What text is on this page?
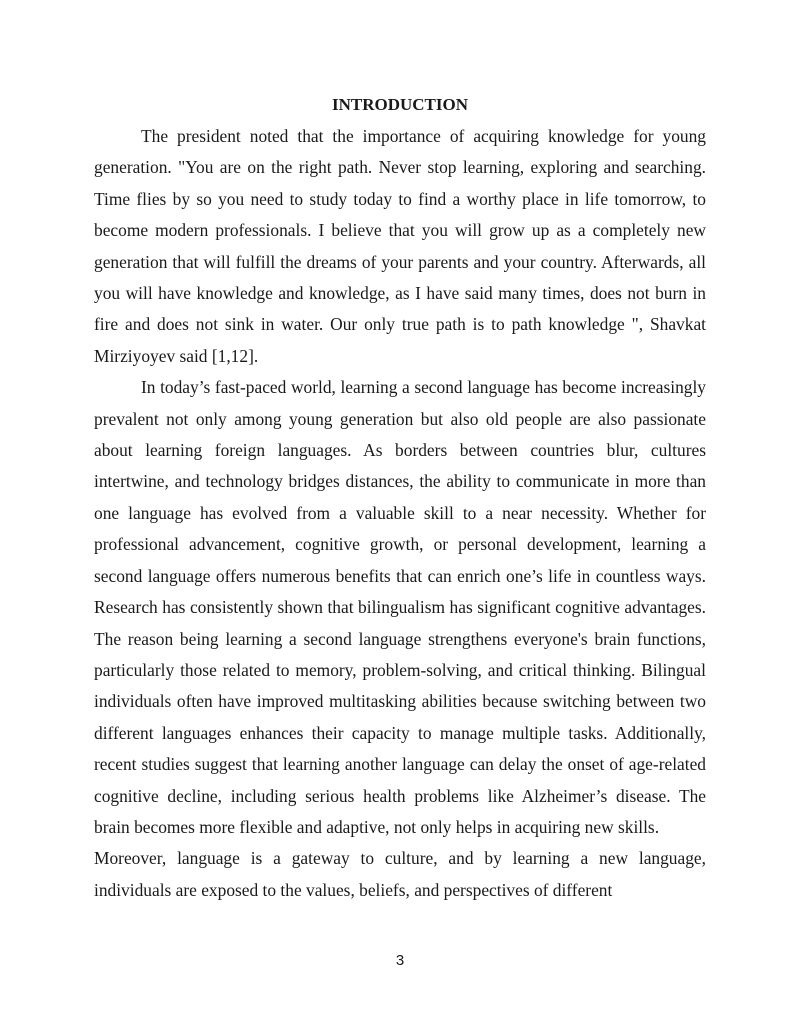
INTRODUCTION

The president noted that the importance of acquiring knowledge for young generation. "You are on the right path. Never stop learning, exploring and searching. Time flies by so you need to study today to find a worthy place in life tomorrow, to become modern professionals. I believe that you will grow up as a completely new generation that will fulfill the dreams of your parents and your country. Afterwards, all you will have knowledge and knowledge, as I have said many times, does not burn in fire and does not sink in water. Our only true path is to path knowledge ", Shavkat Mirziyoyev said [1,12].

In today’s fast-paced world, learning a second language has become increasingly prevalent not only among young generation but also old people are also passionate about learning foreign languages. As borders between countries blur, cultures intertwine, and technology bridges distances, the ability to communicate in more than one language has evolved from a valuable skill to a near necessity. Whether for professional advancement, cognitive growth, or personal development, learning a second language offers numerous benefits that can enrich one’s life in countless ways. Research has consistently shown that bilingualism has significant cognitive advantages. The reason being learning a second language strengthens everyone's brain functions, particularly those related to memory, problem-solving, and critical thinking. Bilingual individuals often have improved multitasking abilities because switching between two different languages enhances their capacity to manage multiple tasks. Additionally, recent studies suggest that learning another language can delay the onset of age-related cognitive decline, including serious health problems like Alzheimer’s disease. The brain becomes more flexible and adaptive, not only helps in acquiring new skills.

Moreover, language is a gateway to culture, and by learning a new language, individuals are exposed to the values, beliefs, and perspectives of different

3
